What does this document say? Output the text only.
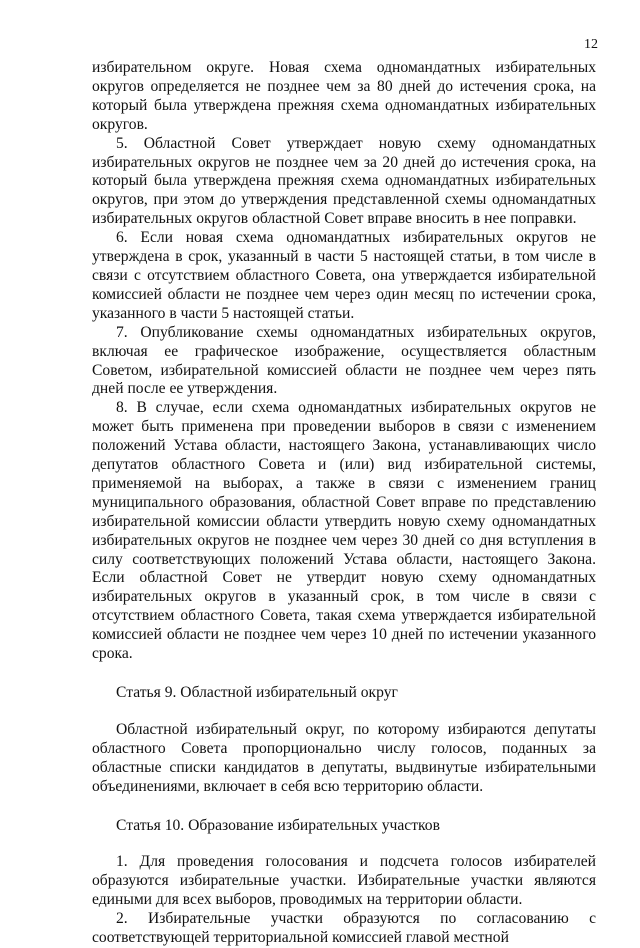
12

избирательном округе. Новая схема одномандатных избирательных округов определяется не позднее чем за 80 дней до истечения срока, на который была утверждена прежняя схема одномандатных избирательных округов.

5. Областной Совет утверждает новую схему одномандатных избирательных округов не позднее чем за 20 дней до истечения срока, на который была утверждена прежняя схема одномандатных избирательных округов, при этом до утверждения представленной схемы одномандатных избирательных округов областной Совет вправе вносить в нее поправки.

6. Если новая схема одномандатных избирательных округов не утверждена в срок, указанный в части 5 настоящей статьи, в том числе в связи с отсутствием областного Совета, она утверждается избирательной комиссией области не позднее чем через один месяц по истечении срока, указанного в части 5 настоящей статьи.

7. Опубликование схемы одномандатных избирательных округов, включая ее графическое изображение, осуществляется областным Советом, избирательной комиссией области не позднее чем через пять дней после ее утверждения.

8. В случае, если схема одномандатных избирательных округов не может быть применена при проведении выборов в связи с изменением положений Устава области, настоящего Закона, устанавливающих число депутатов областного Совета и (или) вид избирательной системы, применяемой на выборах, а также в связи с изменением границ муниципального образования, областной Совет вправе по представлению избирательной комиссии области утвердить новую схему одномандатных избирательных округов не позднее чем через 30 дней со дня вступления в силу соответствующих положений Устава области, настоящего Закона. Если областной Совет не утвердит новую схему одномандатных избирательных округов в указанный срок, в том числе в связи с отсутствием областного Совета, такая схема утверждается избирательной комиссией области не позднее чем через 10 дней по истечении указанного срока.

Статья 9. Областной избирательный округ

Областной избирательный округ, по которому избираются депутаты областного Совета пропорционально числу голосов, поданных за областные списки кандидатов в депутаты, выдвинутые избирательными объединениями, включает в себя всю территорию области.

Статья 10. Образование избирательных участков

1. Для проведения голосования и подсчета голосов избирателей образуются избирательные участки. Избирательные участки являются едиными для всех выборов, проводимых на территории области.

2. Избирательные участки образуются по согласованию с соответствующей территориальной комиссией главой местной
